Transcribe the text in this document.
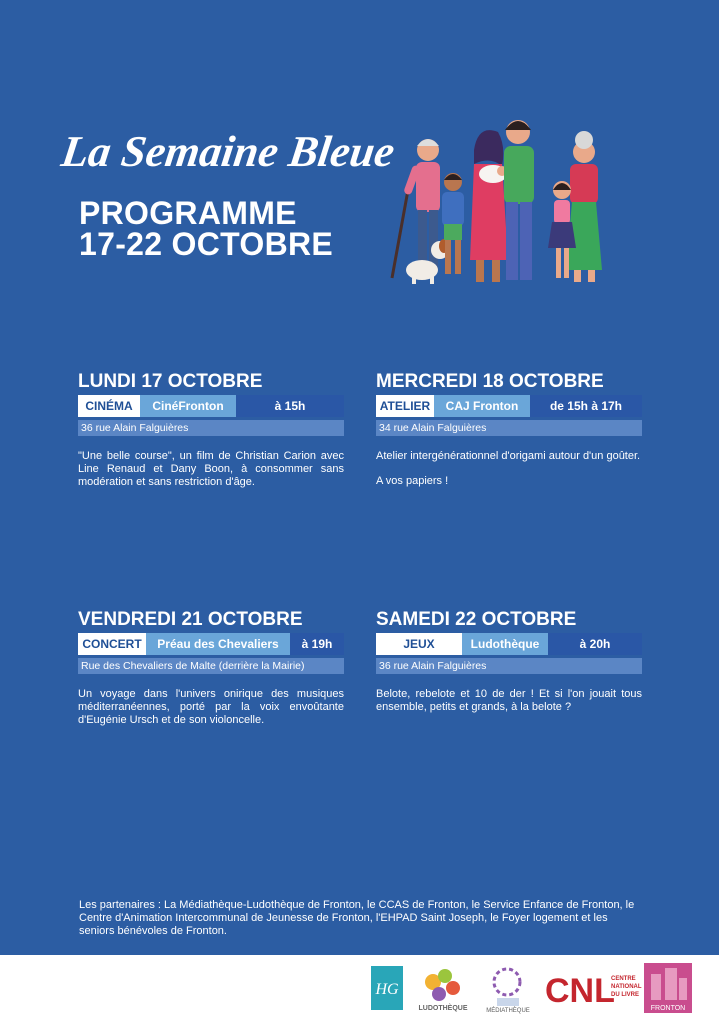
La Semaine Bleue
PROGRAMME
17-22 OCTOBRE
LUNDI 17 OCTOBRE
CINÉMA	CinéFronton	à 15h
36 rue Alain Falguières

"Une belle course", un film de Christian Carion avec Line Renaud et Dany Boon, à consommer sans modération et sans restriction d'âge.

MERCREDI 18 OCTOBRE
ATELIER	CAJ Fronton	de 15h à 17h
34 rue Alain Falguières

Atelier intergénérationnel d'origami autour d'un goûter.

A vos papiers !

VENDREDI 21 OCTOBRE
CONCERT	Préau des Chevaliers	à 19h
Rue des Chevaliers de Malte (derrière la Mairie)

Un voyage dans l'univers onirique des musiques méditerranéennes, porté par la voix envoûtante d'Eugénie Ursch et de son violoncelle.

SAMEDI 22 OCTOBRE
JEUX	Ludothèque	à 20h
36 rue Alain Falguières

Belote, rebelote et 10 de der ! Et si l'on jouait tous ensemble, petits et grands, à la belote ?

Les partenaires : La Médiathèque-Ludothèque de Fronton, le CCAS de Fronton, le Service Enfance de Fronton, le Centre d'Animation Intercommunal de Jeunesse de Fronton, l'EHPAD Saint Joseph, le Foyer logement et les seniors bénévoles de Fronton.
HG
LUDOTHÈQUE	MÉDIATHÈQUE
CNL
CENTRE
NATIONAL
DU LIVRE
FRONTON
